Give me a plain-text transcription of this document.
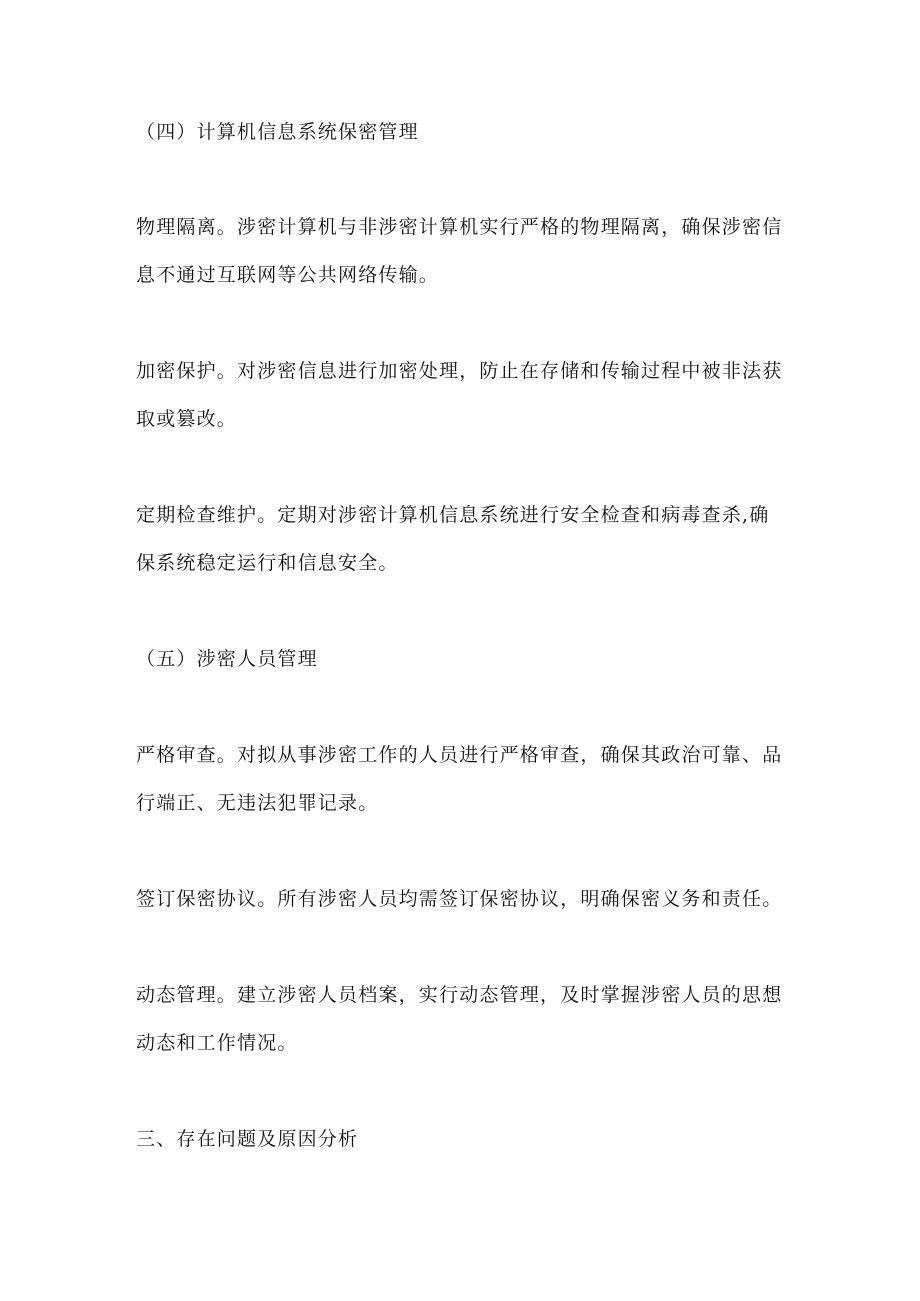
（四）计算机信息系统保密管理

物理隔离。涉密计算机与非涉密计算机实行严格的物理隔离，确保涉密信息不通过互联网等公共网络传输。

加密保护。对涉密信息进行加密处理，防止在存储和传输过程中被非法获取或篡改。

定期检查维护。定期对涉密计算机信息系统进行安全检查和病毒查杀,确保系统稳定运行和信息安全。

（五）涉密人员管理

严格审查。对拟从事涉密工作的人员进行严格审查，确保其政治可靠、品行端正、无违法犯罪记录。

签订保密协议。所有涉密人员均需签订保密协议，明确保密义务和责任。

动态管理。建立涉密人员档案，实行动态管理，及时掌握涉密人员的思想动态和工作情况。

三、存在问题及原因分析
